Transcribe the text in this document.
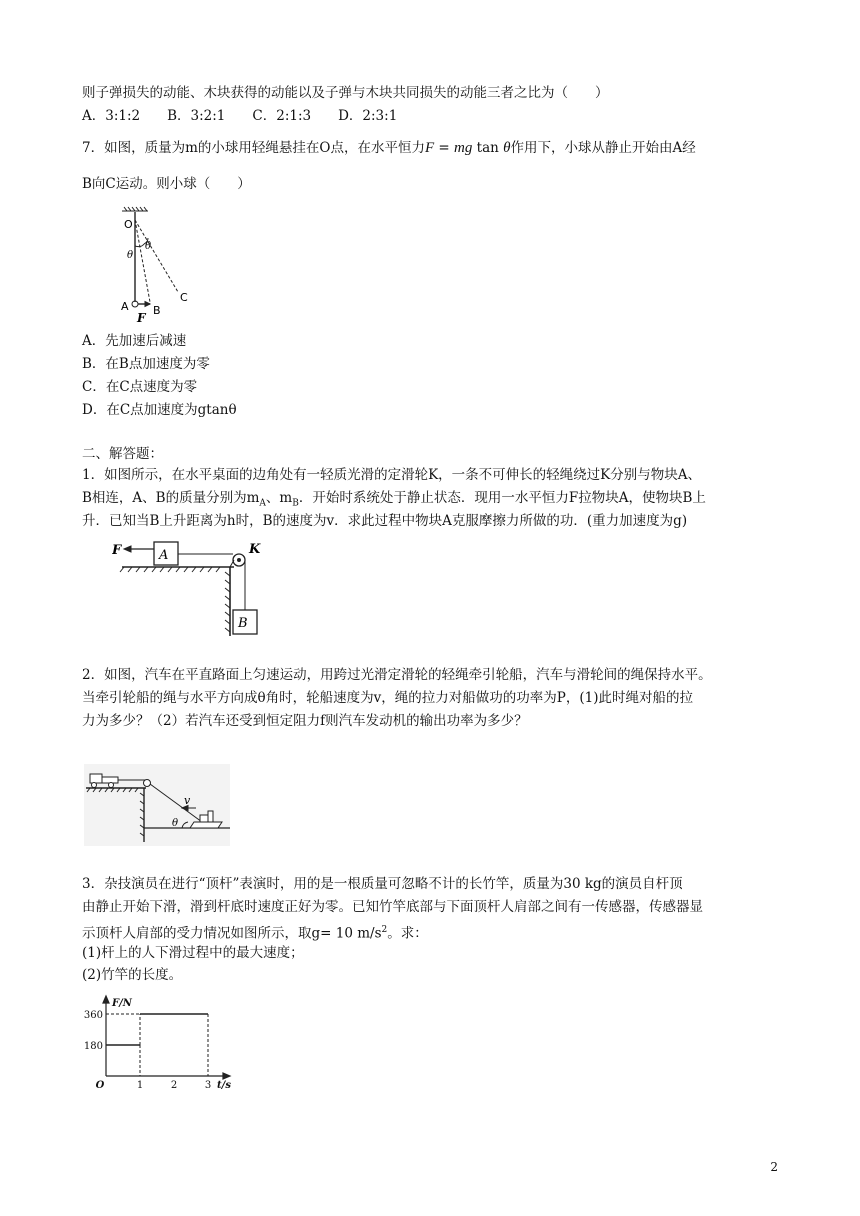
则子弹损失的动能、木块获得的动能以及子弹与木块共同损失的动能三者之比为（　　）
A．3:1:2　　B．3:2:1　　C．2:1:3　　D．2:3:1
7．如图，质量为m的小球用轻绳悬挂在O点，在水平恒力F = mg tan θ作用下，小球从静止开始由A经
B向C运动。则小球（　　）
O
θ
θ
A B
C
F
A．先加速后减速
B．在B点加速度为零
C．在C点速度为零
D．在C点加速度为gtanθ
二、解答题：
1．如图所示，在水平桌面的边角处有一轻质光滑的定滑轮K，一条不可伸长的轻绳绕过K分别与物块A、
B相连，A、B的质量分别为$m_A$、$m_B$．开始时系统处于静止状态．现用一水平恒力F拉物块A，使物块B上
升．已知当B上升距离为h时，B的速度为v．求此过程中物块A克服摩擦力所做的功．(重力加速度为g)
F	A	K
B
2．如图，汽车在平直路面上匀速运动，用跨过光滑定滑轮的轻绳牵引轮船，汽车与滑轮间的绳保持水平。
当牵引轮船的绳与水平方向成θ角时，轮船速度为v，绳的拉力对船做功的功率为P，(1)此时绳对船的拉
力为多少？（2）若汽车还受到恒定阻力f则汽车发动机的输出功率为多少？
v
θ
3．杂技演员在进行“顶杆”表演时，用的是一根质量可忽略不计的长竹竿，质量为30 kg的演员自杆顶
由静止开始下滑，滑到杆底时速度正好为零。已知竹竿底部与下面顶杆人肩部之间有一传感器，传感器显
示顶杆人肩部的受力情况如图所示，取g= 10 $m/s^2$。求：
(1)杆上的人下滑过程中的最大速度；
(2)竹竿的长度。
180
360
1	2	3
O
F/N
t/s
2
